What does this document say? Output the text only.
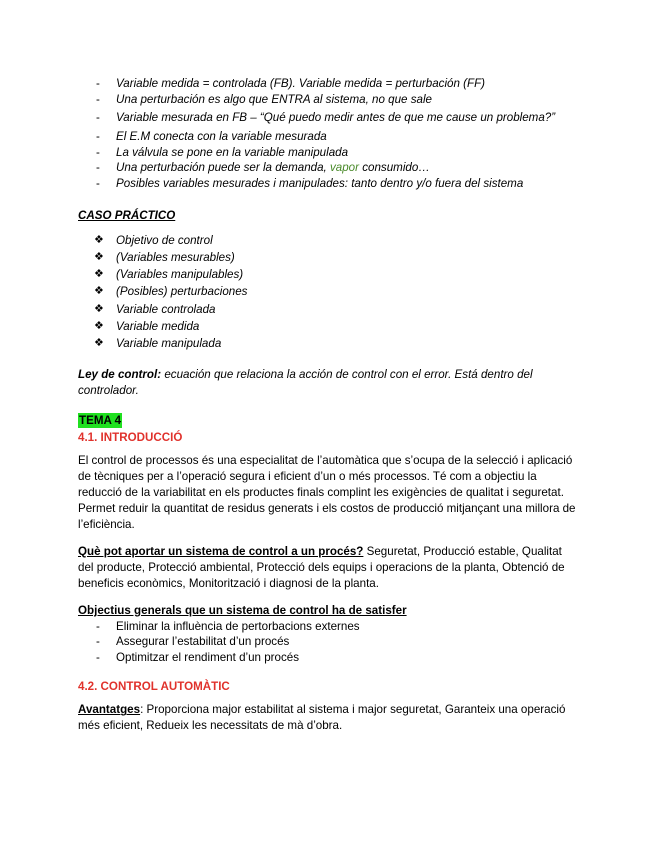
- Variable medida = controlada (FB). Variable medida = perturbación (FF)
- Una perturbación es algo que ENTRA al sistema, no que sale
- Variable mesurada en FB – “Qué puedo medir antes de que me cause un problema?”
- El E.M conecta con la variable mesurada
- La válvula se pone en la variable manipulada
- Una perturbación puede ser la demanda, vapor consumido…
- Posibles variables mesurades i manipulades: tanto dentro y/o fuera del sistema
CASO PRÁCTICO
❖ Objetivo de control
❖ (Variables mesurables)
❖ (Variables manipulables)
❖ (Posibles) perturbaciones
❖ Variable controlada
❖ Variable medida
❖ Variable manipulada

Ley de control: ecuación que relaciona la acción de control con el error. Está dentro del controlador.

TEMA 4
4.1. INTRODUCCIÓ

El control de processos és una especialitat de l’automàtica que s’ocupa de la selecció i aplicació de tècniques per a l’operació segura i eficient d’un o més processos. Té com a objectiu la reducció de la variabilitat en els productes finals complint les exigències de qualitat i seguretat. Permet reduir la quantitat de residus generats i els costos de producció mitjançant una millora de l’eficiència.

Què pot aportar un sistema de control a un procés? Seguretat, Producció estable, Qualitat del producte, Protecció ambiental, Protecció dels equips i operacions de la planta, Obtenció de beneficis econòmics, Monitorització i diagnosi de la planta.

Objectius generals que un sistema de control ha de satisfer
- Eliminar la influència de pertorbacions externes
- Assegurar l’estabilitat d’un procés
- Optimitzar el rendiment d’un procés
4.2. CONTROL AUTOMÀTIC

Avantatges: Proporciona major estabilitat al sistema i major seguretat, Garanteix una operació més eficient, Redueix les necessitats de mà d’obra.
